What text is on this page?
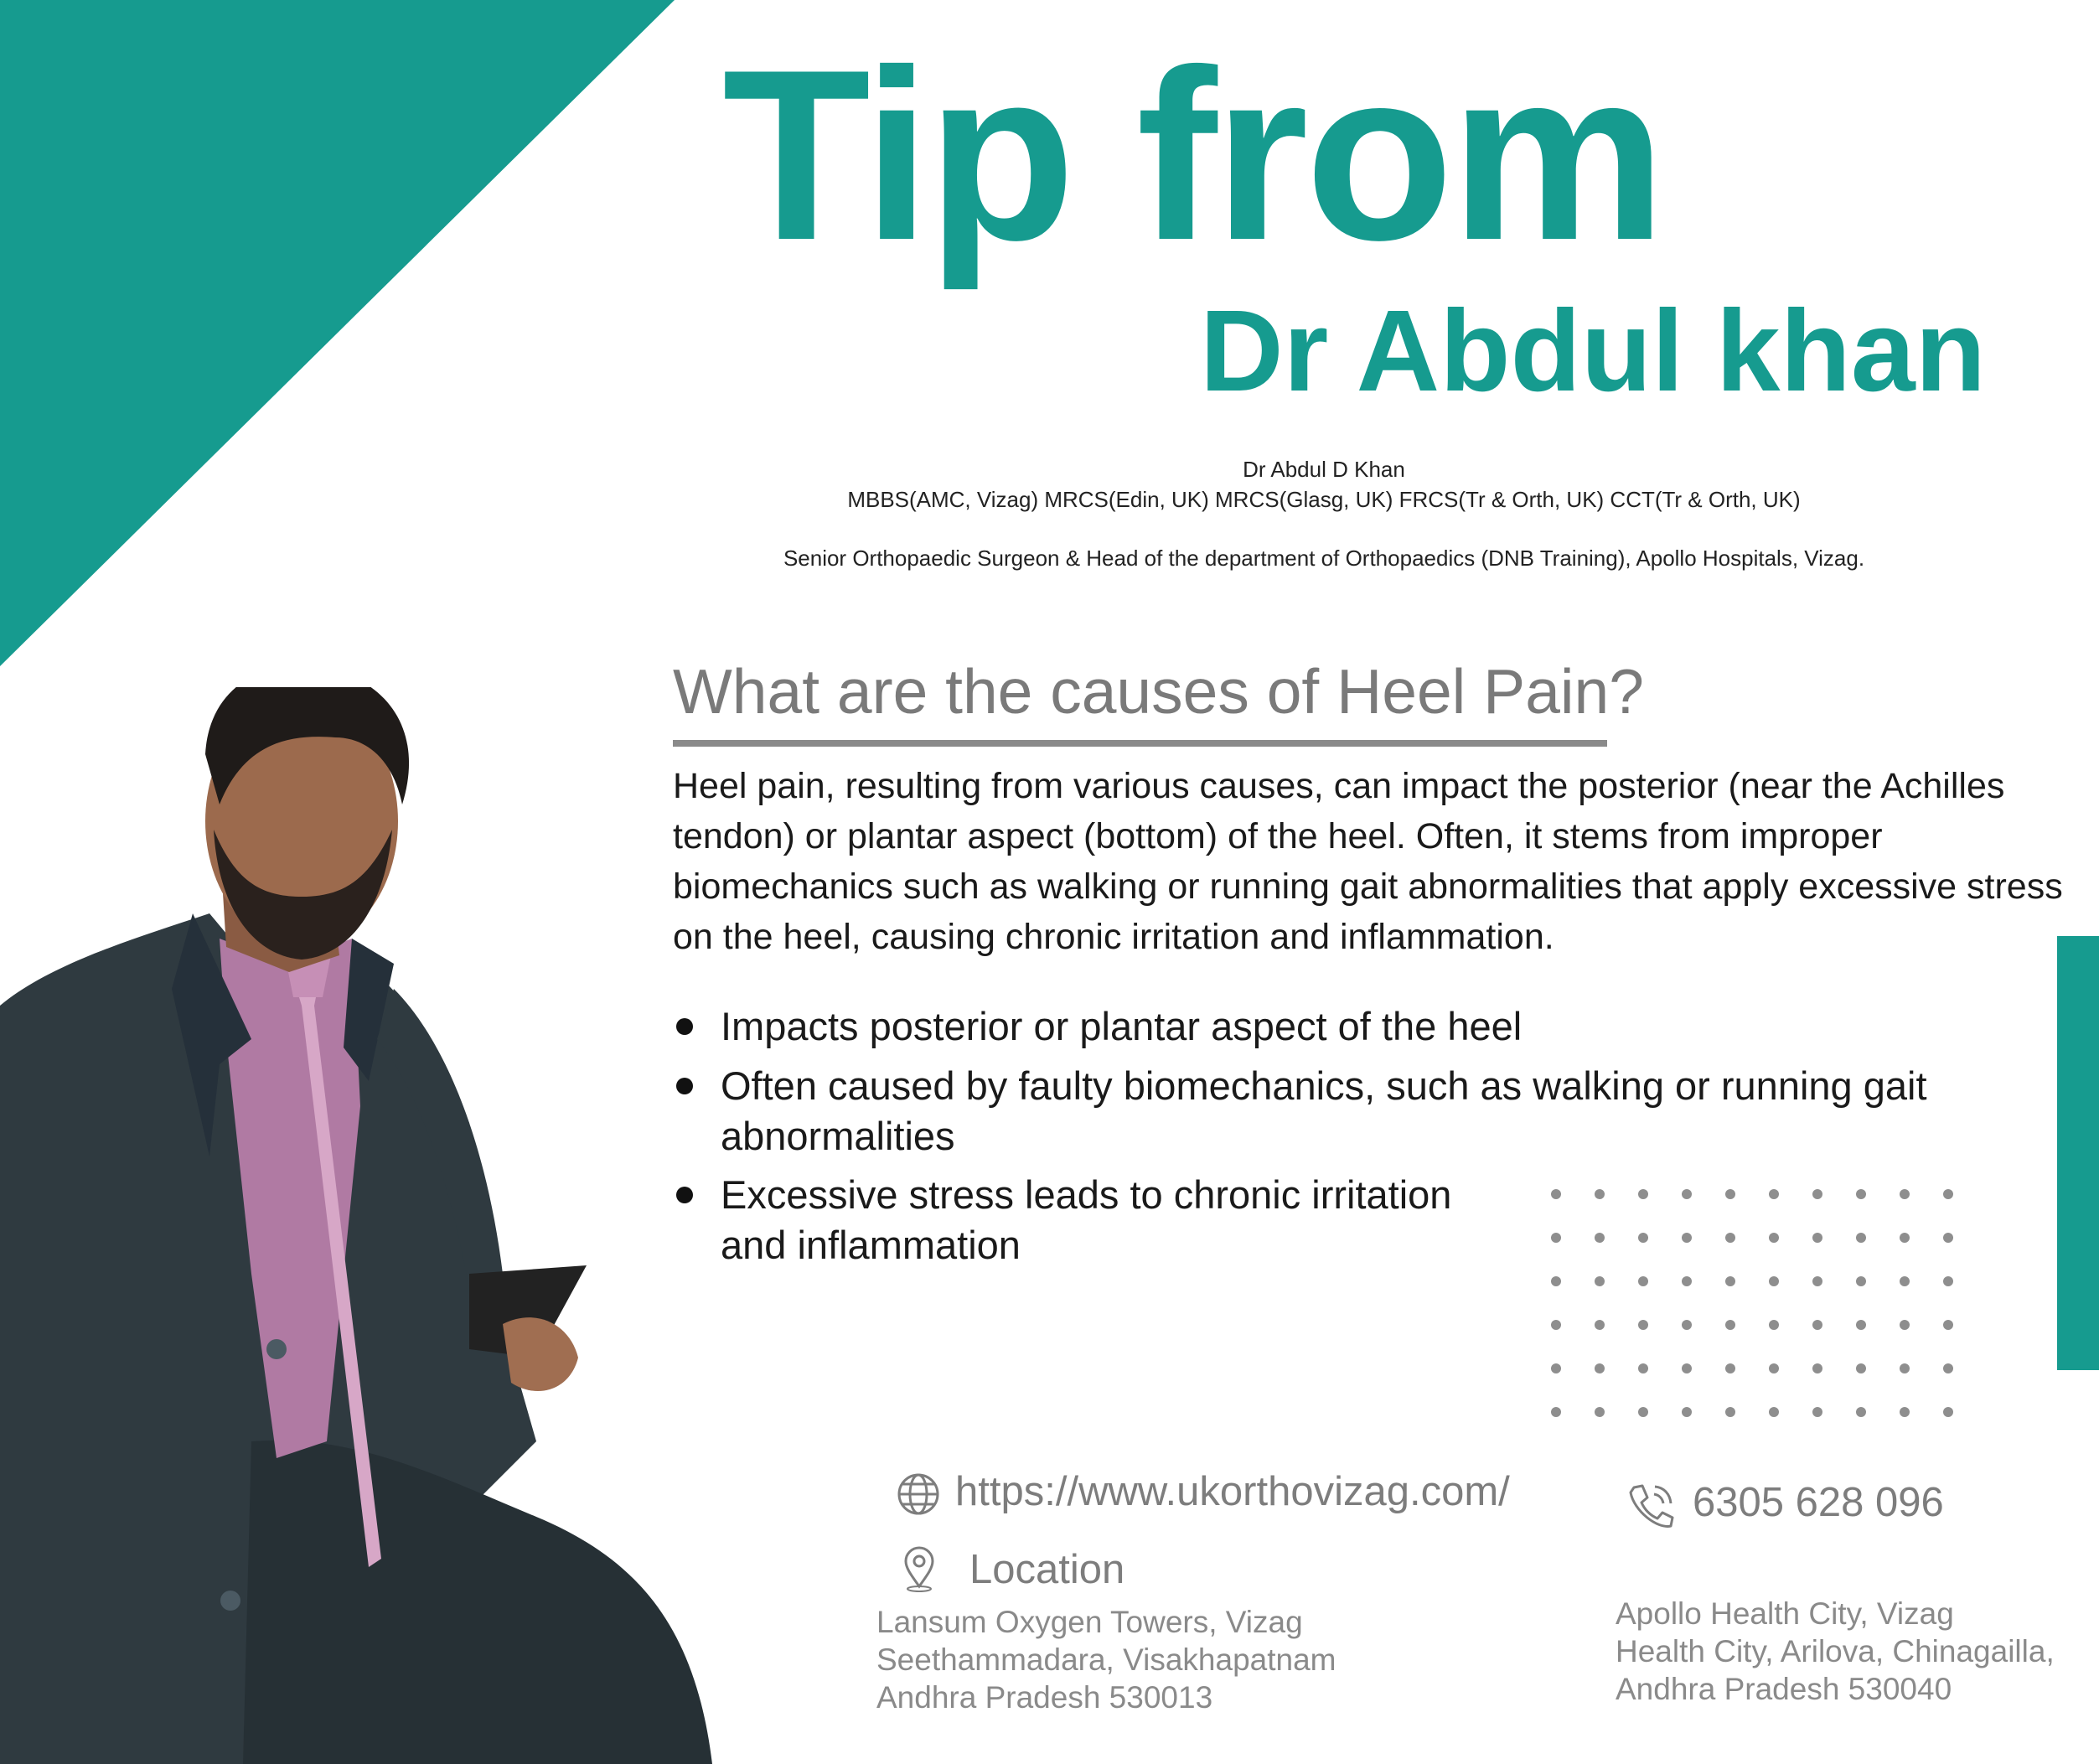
Tip from
Dr Abdul khan
Dr Abdul D Khan
MBBS(AMC, Vizag) MRCS(Edin, UK) MRCS(Glasg, UK) FRCS(Tr & Orth, UK) CCT(Tr & Orth, UK)
Senior Orthopaedic Surgeon & Head of the department of Orthopaedics (DNB Training), Apollo Hospitals, Vizag.
What are the causes of Heel Pain?

Heel pain, resulting from various causes, can impact the posterior (near the Achilles tendon) or plantar aspect (bottom) of the heel. Often, it stems from improper biomechanics such as walking or running gait abnormalities that apply excessive stress on the heel, causing chronic irritation and inflammation.

Impacts posterior or plantar aspect of the heel
Often caused by faulty biomechanics, such as walking or running gait abnormalities
Excessive stress leads to chronic irritation and inflammation
https://www.ukorthovizag.com/	6305 628 096
Location
Lansum Oxygen Towers, Vizag
Seethammadara, Visakhapatnam
Andhra Pradesh 530013
Apollo Health City, Vizag
Health City, Arilova, Chinagailla,
Andhra Pradesh 530040
